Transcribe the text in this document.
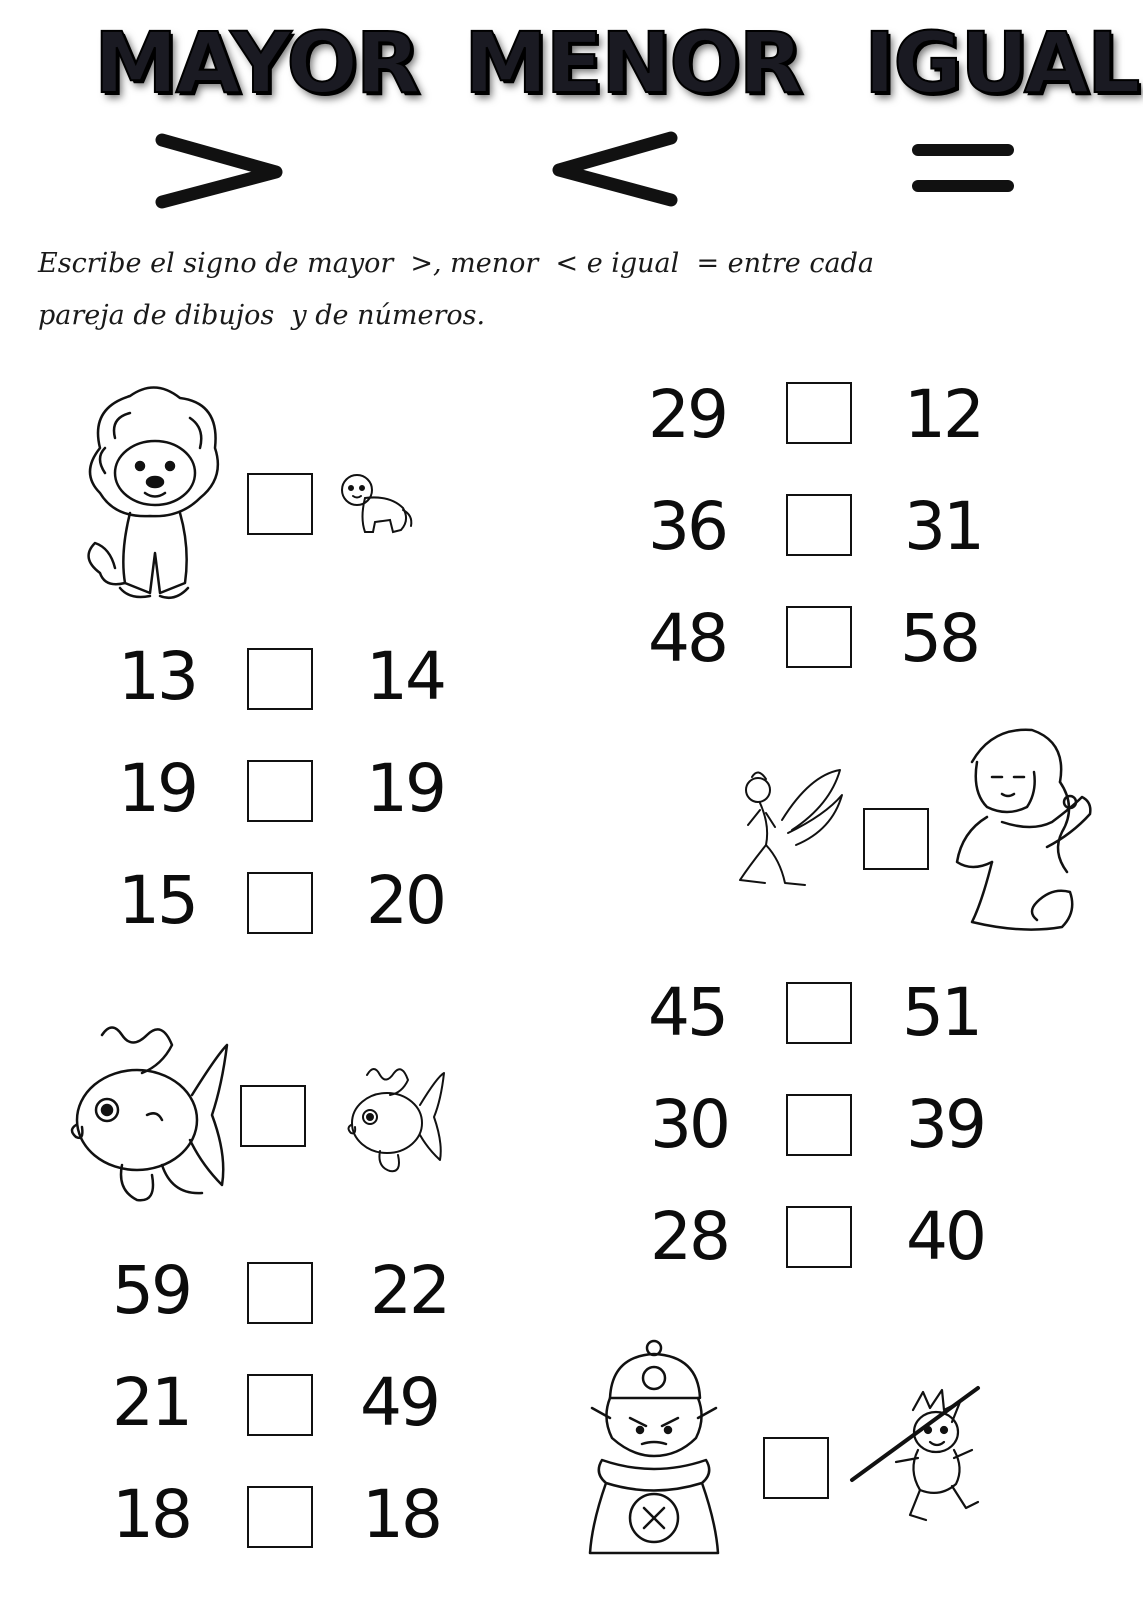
MAYOR MENOR IGUAL
Escribe el signo de mayor  >, menor  < e igual  = entre cada
pareja de dibujos  y de números.
13	14
19	19
15	20
59	22
21	49
18	18
29	12
36	31
48	58
45	51
30	39
28	40
